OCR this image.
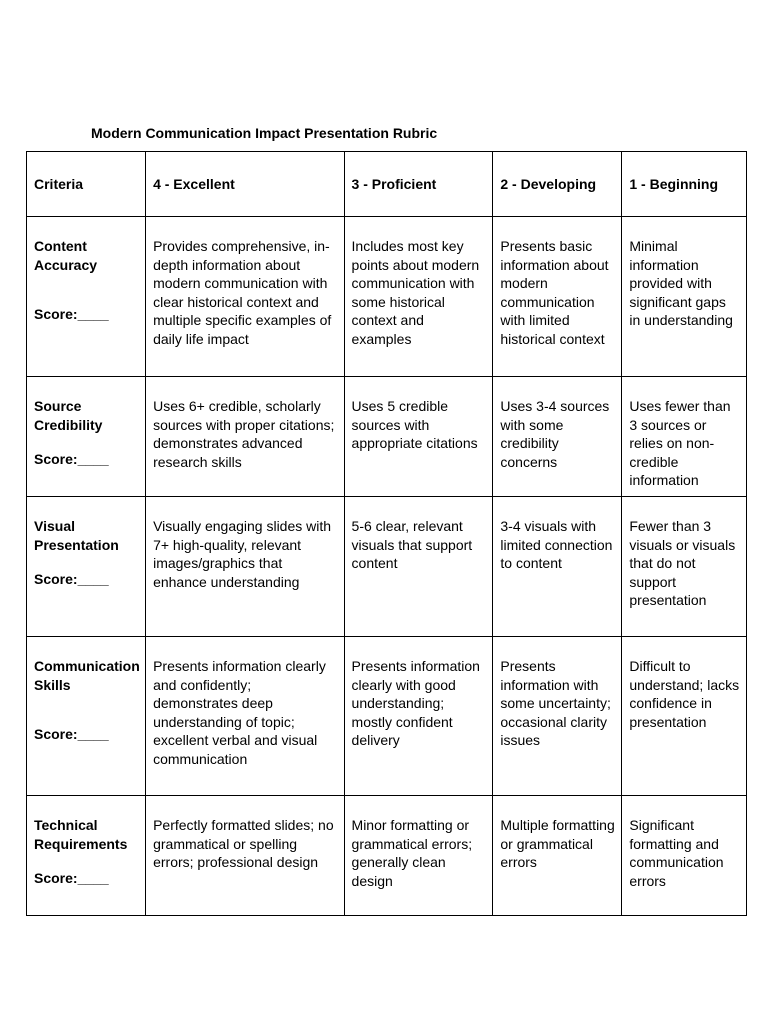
Modern Communication Impact Presentation Rubric
Criteria	4 - Excellent	3 - Proficient	2 - Developing	1 - Beginning

Content Accuracy
Score:____	Provides comprehensive, in-depth information about modern communication with clear historical context and multiple specific examples of daily life impact	Includes most key points about modern communication with some historical context and examples	Presents basic information about modern communication with limited historical context	Minimal information provided with significant gaps in understanding

Source Credibility
Score:____	Uses 6+ credible, scholarly sources with proper citations; demonstrates advanced research skills	Uses 5 credible sources with appropriate citations	Uses 3-4 sources with some credibility concerns	Uses fewer than 3 sources or relies on non-credible information

Visual Presentation
Score:____	Visually engaging slides with 7+ high-quality, relevant images/graphics that enhance understanding	5-6 clear, relevant visuals that support content	3-4 visuals with limited connection to content	Fewer than 3 visuals or visuals that do not support presentation

Communication Skills
Score:____	Presents information clearly and confidently; demonstrates deep understanding of topic; excellent verbal and visual communication	Presents information clearly with good understanding; mostly confident delivery	Presents information with some uncertainty; occasional clarity issues	Difficult to understand; lacks confidence in presentation

Technical Requirements
Score:____	Perfectly formatted slides; no grammatical or spelling errors; professional design	Minor formatting or grammatical errors; generally clean design	Multiple formatting or grammatical errors	Significant formatting and communication errors
